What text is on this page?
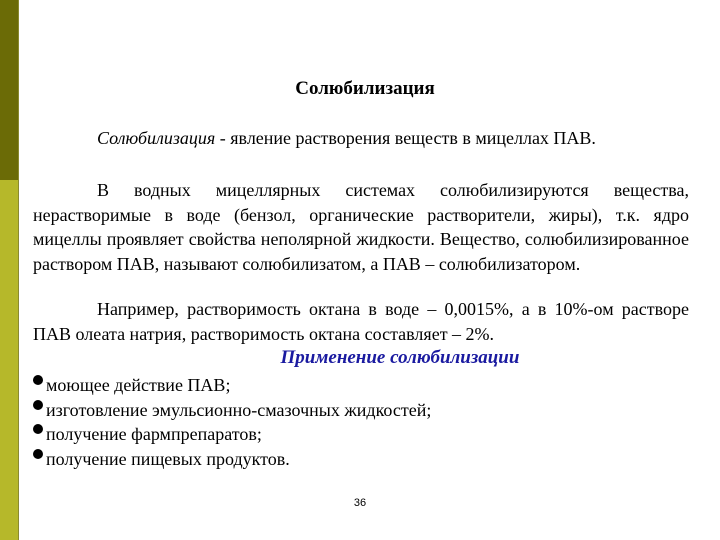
Солюбилизация
Солюбилизация - явление растворения веществ в мицеллах ПАВ.
В водных мицеллярных системах солюбилизируются вещества, нерастворимые в воде (бензол, органические растворители, жиры), т.к. ядро мицеллы проявляет свойства неполярной жидкости. Вещество, солюбилизированное раствором ПАВ, называют солюбилизатом, а ПАВ – солюбилизатором.
Например, растворимость октана в воде – 0,0015%, а в 10%-ом растворе ПАВ олеата натрия, растворимость октана составляет – 2%.
Применение солюбилизации
моющее действие ПАВ;
изготовление эмульсионно-смазочных жидкостей;
получение фармпрепаратов;
получение пищевых продуктов.
36
